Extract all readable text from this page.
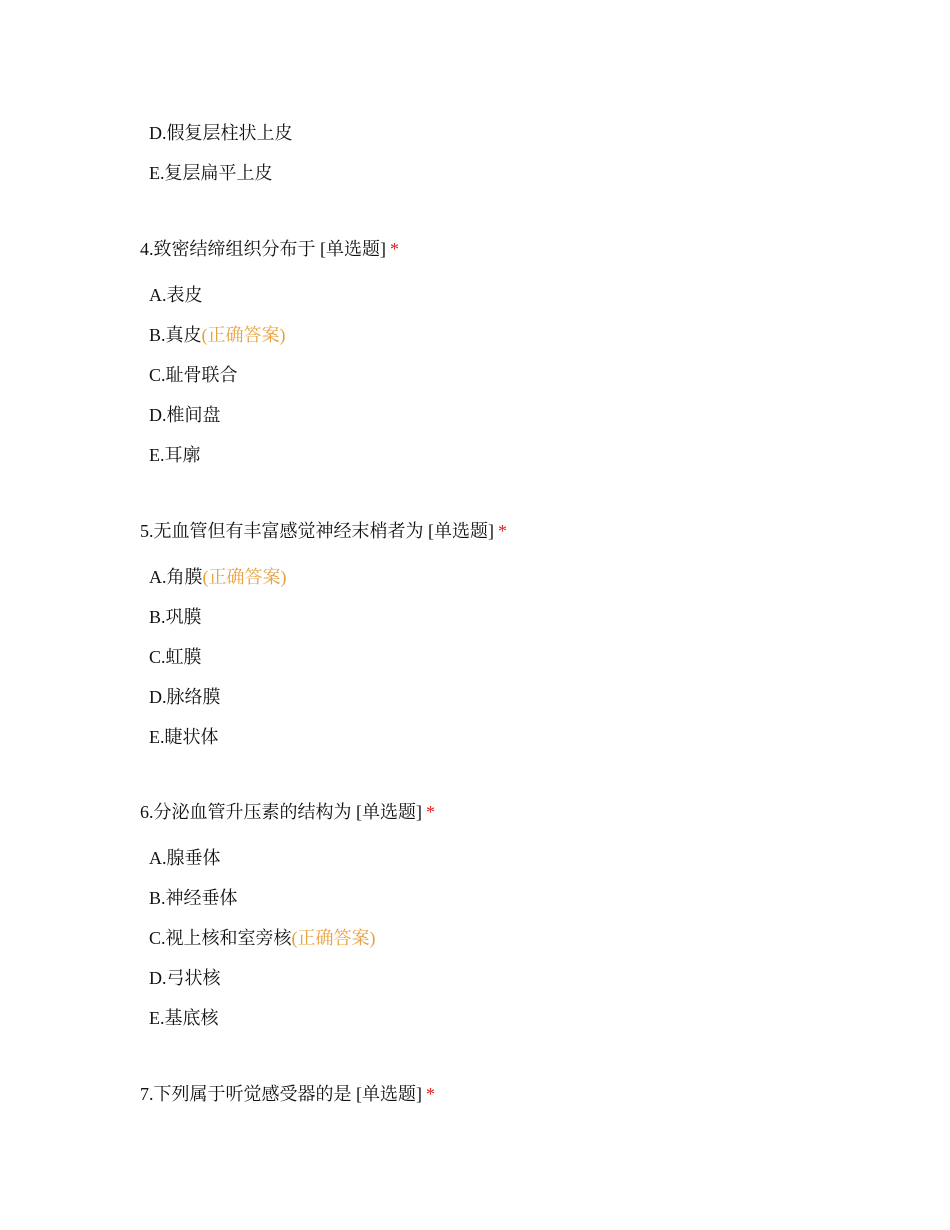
D.假复层柱状上皮
E.复层扁平上皮
4.致密结缔组织分布于 [单选题] *
A.表皮
B.真皮(正确答案)
C.耻骨联合
D.椎间盘
E.耳廓
5.无血管但有丰富感觉神经末梢者为 [单选题] *
A.角膜(正确答案)
B.巩膜
C.虹膜
D.脉络膜
E.睫状体
6.分泌血管升压素的结构为 [单选题] *
A.腺垂体
B.神经垂体
C.视上核和室旁核(正确答案)
D.弓状核
E.基底核
7.下列属于听觉感受器的是 [单选题] *
